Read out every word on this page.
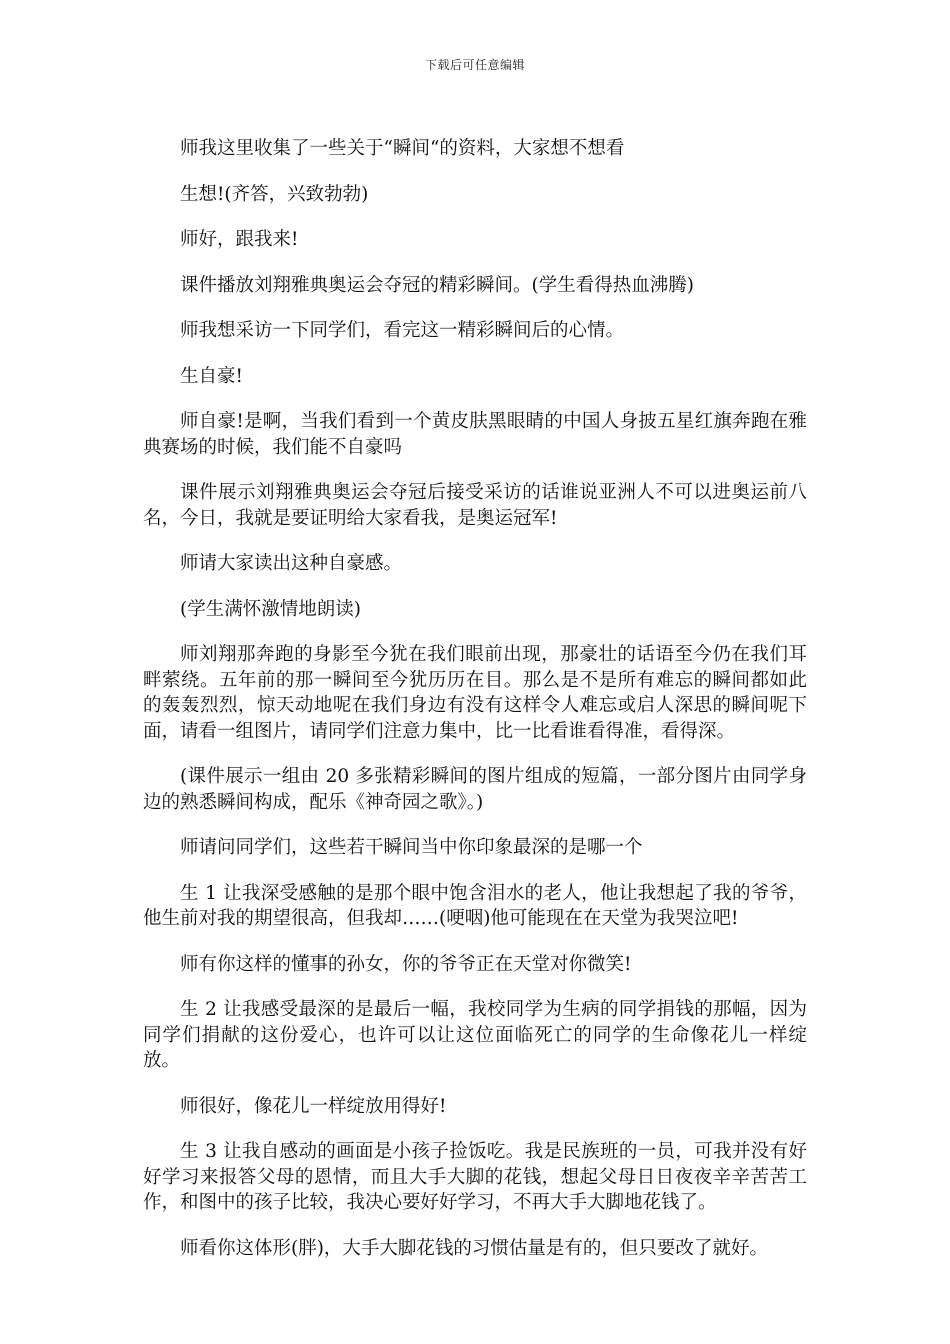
下载后可任意编辑

师我这里收集了一些关于“瞬间“的资料，大家想不想看

生想!(齐答，兴致勃勃)

师好，跟我来!

课件播放刘翔雅典奥运会夺冠的精彩瞬间。(学生看得热血沸腾)

师我想采访一下同学们，看完这一精彩瞬间后的心情。

生自豪!

师自豪!是啊，当我们看到一个黄皮肤黑眼睛的中国人身披五星红旗奔跑在雅典赛场的时候，我们能不自豪吗

课件展示刘翔雅典奥运会夺冠后接受采访的话谁说亚洲人不可以进奥运前八名，今日，我就是要证明给大家看我，是奥运冠军!

师请大家读出这种自豪感。

(学生满怀激情地朗读)

师刘翔那奔跑的身影至今犹在我们眼前出现，那豪壮的话语至今仍在我们耳畔萦绕。五年前的那一瞬间至今犹历历在目。那么是不是所有难忘的瞬间都如此的轰轰烈烈，惊天动地呢在我们身边有没有这样令人难忘或启人深思的瞬间呢下面，请看一组图片，请同学们注意力集中，比一比看谁看得准，看得深。

(课件展示一组由 20 多张精彩瞬间的图片组成的短篇，一部分图片由同学身边的熟悉瞬间构成，配乐《神奇园之歌》。)

师请问同学们，这些若干瞬间当中你印象最深的是哪一个

生 1 让我深受感触的是那个眼中饱含泪水的老人，他让我想起了我的爷爷，他生前对我的期望很高，但我却……(哽咽)他可能现在在天堂为我哭泣吧!

师有你这样的懂事的孙女，你的爷爷正在天堂对你微笑!

生 2 让我感受最深的是最后一幅，我校同学为生病的同学捐钱的那幅，因为同学们捐献的这份爱心，也许可以让这位面临死亡的同学的生命像花儿一样绽放。

师很好，像花儿一样绽放用得好!

生 3 让我自感动的画面是小孩子捡饭吃。我是民族班的一员，可我并没有好好学习来报答父母的恩情，而且大手大脚的花钱，想起父母日日夜夜辛辛苦苦工作，和图中的孩子比较，我决心要好好学习，不再大手大脚地花钱了。

师看你这体形(胖)，大手大脚花钱的习惯估量是有的，但只要改了就好。
